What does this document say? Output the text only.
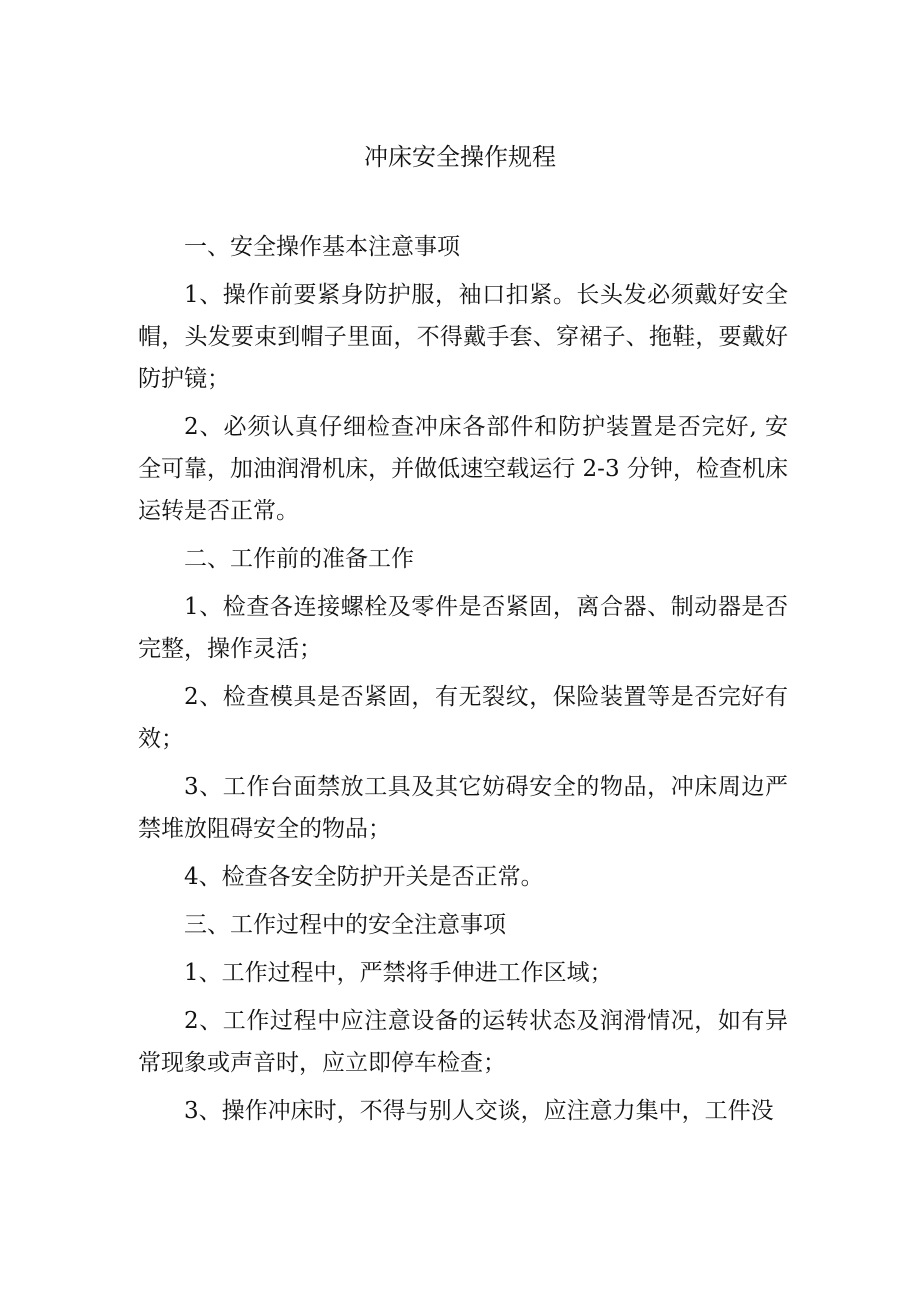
冲床安全操作规程

一、安全操作基本注意事项

1、操作前要紧身防护服，袖口扣紧。长头发必须戴好安全帽，头发要束到帽子里面，不得戴手套、穿裙子、拖鞋，要戴好防护镜；

2、必须认真仔细检查冲床各部件和防护装置是否完好, 安全可靠，加油润滑机床，并做低速空载运行 2-3 分钟，检查机床运转是否正常。

二、工作前的准备工作

1、检查各连接螺栓及零件是否紧固，离合器、制动器是否完整，操作灵活；

2、检查模具是否紧固，有无裂纹，保险装置等是否完好有效；

3、工作台面禁放工具及其它妨碍安全的物品，冲床周边严禁堆放阻碍安全的物品；

4、检查各安全防护开关是否正常。

三、工作过程中的安全注意事项

1、工作过程中，严禁将手伸进工作区域；

2、工作过程中应注意设备的运转状态及润滑情况，如有异常现象或声音时，应立即停车检查；

3、操作冲床时，不得与别人交谈，应注意力集中，工件没
